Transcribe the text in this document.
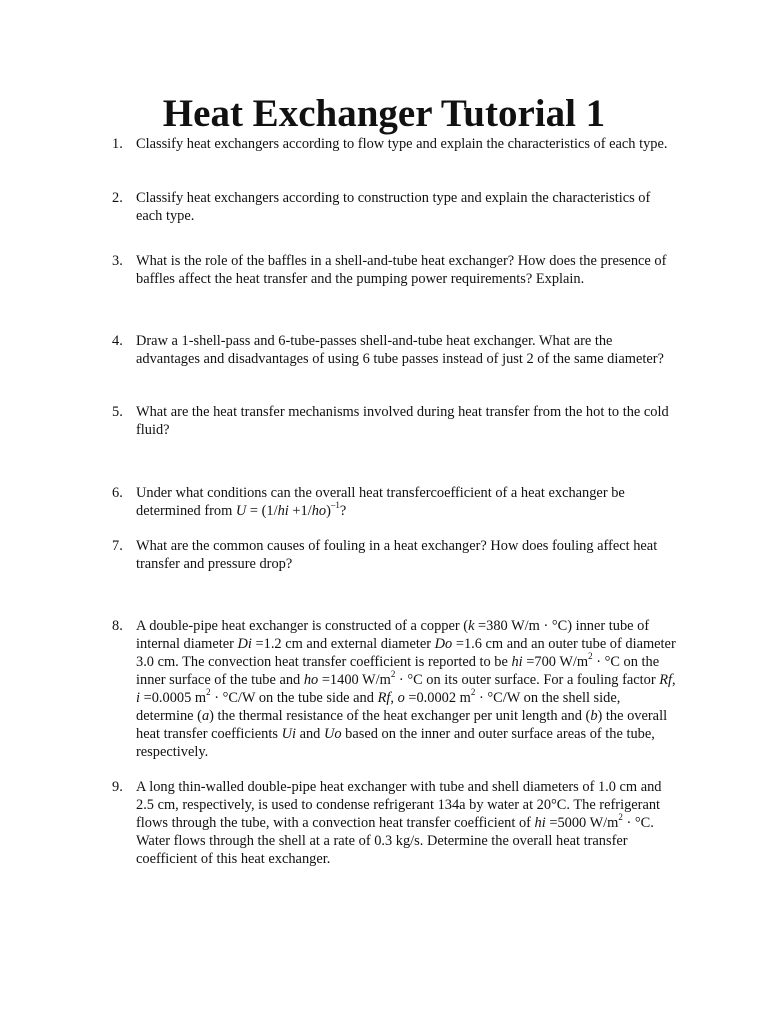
Heat Exchanger Tutorial 1
1. Classify heat exchangers according to flow type and explain the characteristics of each type.
2. Classify heat exchangers according to construction type and explain the characteristics of each type.
3. What is the role of the baffles in a shell-and-tube heat exchanger? How does the presence of baffles affect the heat transfer and the pumping power requirements? Explain.
4. Draw a 1-shell-pass and 6-tube-passes shell-and-tube heat exchanger. What are the advantages and disadvantages of using 6 tube passes instead of just 2 of the same diameter?
5. What are the heat transfer mechanisms involved during heat transfer from the hot to the cold fluid?
6. Under what conditions can the overall heat transfercoefficient of a heat exchanger be determined from $U = (1/hi +1/ho)^{-1}$?
7. What are the common causes of fouling in a heat exchanger? How does fouling affect heat transfer and pressure drop?
8. A double-pipe heat exchanger is constructed of a copper (k =380 W/m · °C) inner tube of internal diameter Di =1.2 cm and external diameter Do =1.6 cm and an outer tube of diameter 3.0 cm. The convection heat transfer coefficient is reported to be hi =700 $W/m^2 \cdot ^\circ C$ on the inner surface of the tube and ho =1400 $W/m^2 \cdot ^\circ C$ on its outer surface. For a fouling factor Rf, i =0.0005 $m^2 \cdot ^\circ C/W$ on the tube side and Rf, o =0.0002 $m^2 \cdot ^\circ C/W$ on the shell side, determine (a) the thermal resistance of the heat exchanger per unit length and (b) the overall heat transfer coefficients Ui and Uo based on the inner and outer surface areas of the tube, respectively.
9. A long thin-walled double-pipe heat exchanger with tube and shell diameters of 1.0 cm and 2.5 cm, respectively, is used to condense refrigerant 134a by water at 20°C. The refrigerant flows through the tube, with a convection heat transfer coefficient of hi =5000 $W/m^2 \cdot ^\circ C$. Water flows through the shell at a rate of 0.3 kg/s. Determine the overall heat transfer coefficient of this heat exchanger.
